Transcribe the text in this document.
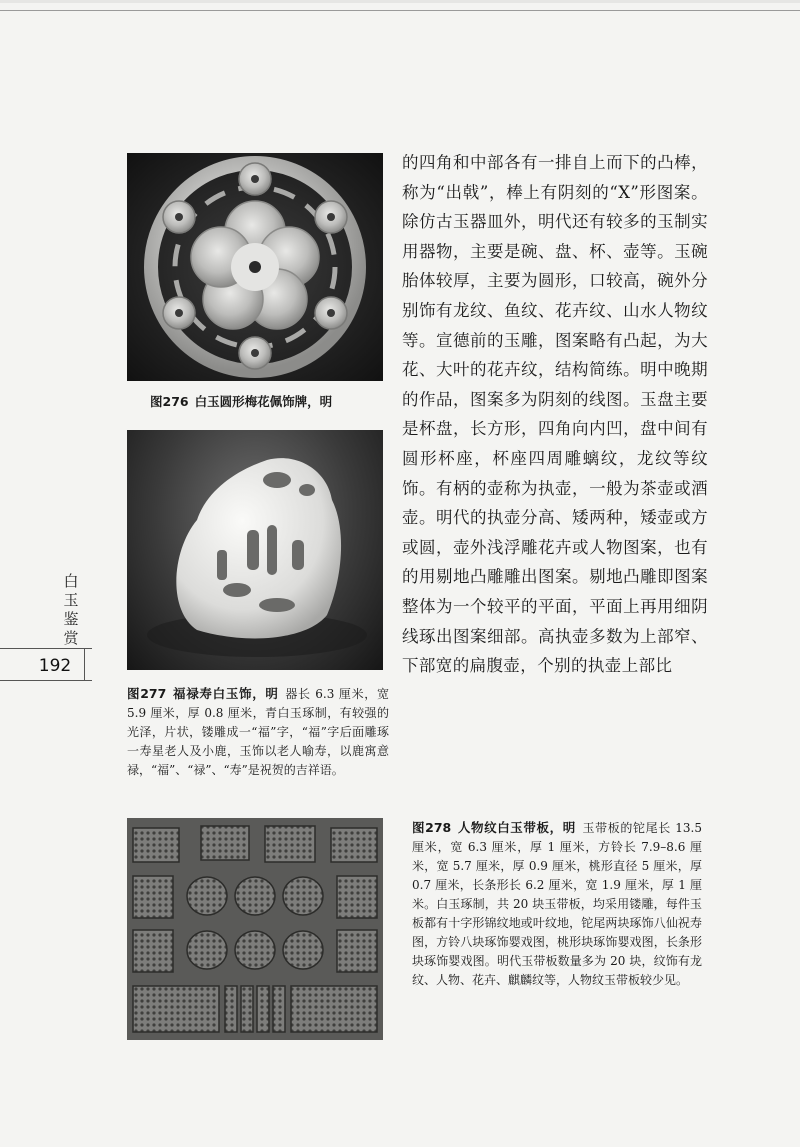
图276 白玉圆形梅花佩饰牌，明
图277 福禄寿白玉饰，明 器长 6.3 厘米，宽 5.9 厘米，厚 0.8 厘米，青白玉琢制，有较强的光泽，片状，镂雕成一“福”字，“福”字后面雕琢一寿星老人及小鹿，玉饰以老人喻寿，以鹿寓意禄，“福”、“禄”、“寿”是祝贺的吉祥语。
图278 人物纹白玉带板，明 玉带板的铊尾长 13.5 厘米，宽 6.3 厘米，厚 1 厘米，方铃长 7.9–8.6 厘米，宽 5.7 厘米，厚 0.9 厘米，桃形直径 5 厘米，厚 0.7 厘米，长条形长 6.2 厘米，宽 1.9 厘米，厚 1 厘米。白玉琢制，共 20 块玉带板，均采用镂雕，每件玉板都有十字形锦纹地或叶纹地，铊尾两块琢饰八仙祝寿图，方铃八块琢饰婴戏图，桃形块琢饰婴戏图，长条形块琢饰婴戏图。明代玉带板数量多为 20 块，纹饰有龙纹、人物、花卉、麒麟纹等，人物纹玉带板较少见。
的四角和中部各有一排自上而下的凸棒，称为“出戟”，棒上有阴刻的“X”形图案。除仿古玉器皿外，明代还有较多的玉制实用器物，主要是碗、盘、杯、壶等。玉碗胎体较厚，主要为圆形，口较高，碗外分别饰有龙纹、鱼纹、花卉纹、山水人物纹等。宣德前的玉雕，图案略有凸起，为大花、大叶的花卉纹，结构简练。明中晚期的作品，图案多为阴刻的线图。玉盘主要是杯盘，长方形，四角向内凹，盘中间有圆形杯座，杯座四周雕螭纹，龙纹等纹饰。有柄的壶称为执壶，一般为茶壶或酒壶。明代的执壶分高、矮两种，矮壶或方或圆，壶外浅浮雕花卉或人物图案，也有的用剔地凸雕雕出图案。剔地凸雕即图案整体为一个较平的平面，平面上再用细阴线琢出图案细部。高执壶多数为上部窄、下部宽的扁腹壶，个别的执壶上部比
白
玉
鉴
赏
192
